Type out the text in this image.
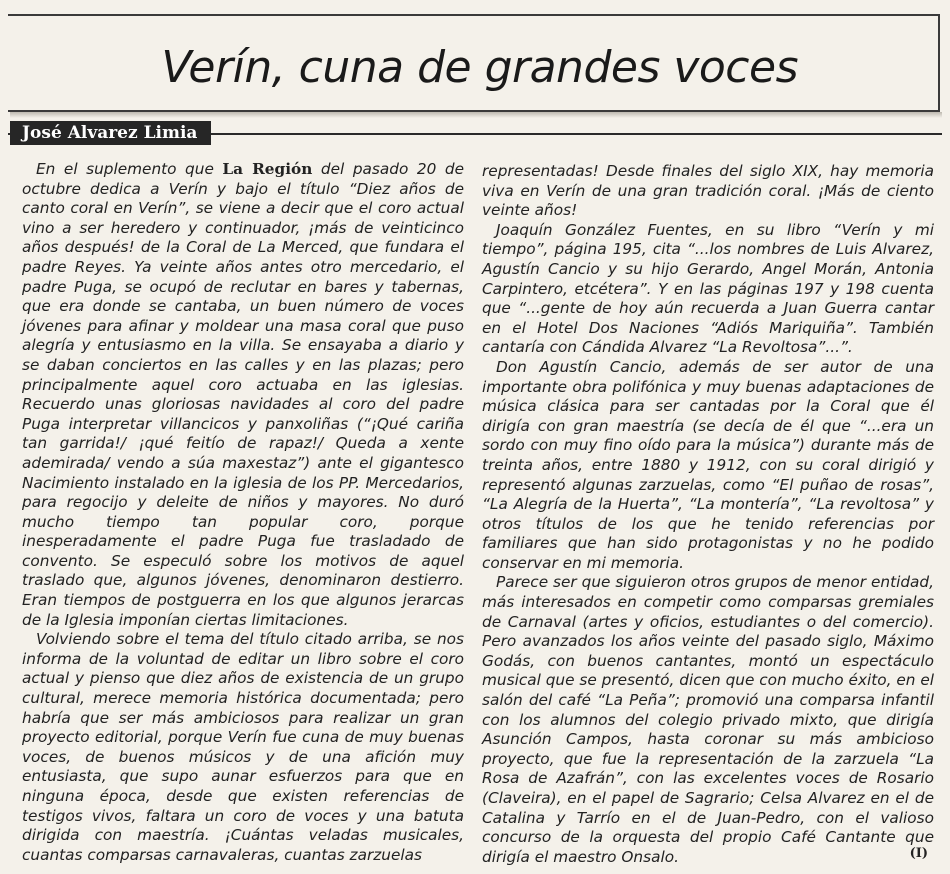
Verín, cuna de grandes voces
José Alvarez Limia

En el suplemento que La Región del pasado 20 de octubre dedica a Verín y bajo el título “Diez años de canto coral en Verín”, se viene a decir que el coro actual vino a ser heredero y continuador, ¡más de veinticinco años después! de la Coral de La Merced, que fundara el padre Reyes. Ya veinte años antes otro mercedario, el padre Puga, se ocupó de reclutar en bares y tabernas, que era donde se cantaba, un buen número de voces jóvenes para afinar y moldear una masa coral que puso alegría y entusiasmo en la villa. Se ensayaba a diario y se daban conciertos en las calles y en las plazas; pero principalmente aquel coro actuaba en las iglesias. Recuerdo unas gloriosas navidades al coro del padre Puga interpretar villancicos y panxoliñas (“¡Qué cariña tan garrida!/ ¡qué feitío de rapaz!/ Queda a xente ademirada/ vendo a súa maxestaz”) ante el gigantesco Nacimiento instalado en la iglesia de los PP. Mercedarios, para regocijo y deleite de niños y mayores. No duró mucho tiempo tan popular coro, porque inesperadamente el padre Puga fue trasladado de convento. Se especuló sobre los motivos de aquel traslado que, algunos jóvenes, denominaron destierro. Eran tiempos de postguerra en los que algunos jerarcas de la Iglesia imponían ciertas limitaciones.

Volviendo sobre el tema del título citado arriba, se nos informa de la voluntad de editar un libro sobre el coro actual y pienso que diez años de existencia de un grupo cultural, merece memoria histórica documentada; pero habría que ser más ambiciosos para realizar un gran proyecto editorial, porque Verín fue cuna de muy buenas voces, de buenos músicos y de una afición muy entusiasta, que supo aunar esfuerzos para que en ninguna época, desde que existen referencias de testigos vivos, faltara un coro de voces y una batuta dirigida con maestría. ¡Cuántas veladas musicales, cuantas comparsas carnavaleras, cuantas zarzuelas

representadas! Desde finales del siglo XIX, hay memoria viva en Verín de una gran tradición coral. ¡Más de ciento veinte años!

Joaquín González Fuentes, en su libro “Verín y mi tiempo”, página 195, cita “...los nombres de Luis Alvarez, Agustín Cancio y su hijo Gerardo, Angel Morán, Antonia Carpintero, etcétera”. Y en las páginas 197 y 198 cuenta que “...gente de hoy aún recuerda a Juan Guerra cantar en el Hotel Dos Naciones “Adiós Mariquiña”. También cantaría con Cándida Alvarez “La Revoltosa”...”.

Don Agustín Cancio, además de ser autor de una importante obra polifónica y muy buenas adaptaciones de música clásica para ser cantadas por la Coral que él dirigía con gran maestría (se decía de él que “...era un sordo con muy fino oído para la música”) durante más de treinta años, entre 1880 y 1912, con su coral dirigió y representó algunas zarzuelas, como “El puñao de rosas”, “La Alegría de la Huerta”, “La montería”, “La revoltosa” y otros títulos de los que he tenido referencias por familiares que han sido protagonistas y no he podido conservar en mi memoria.

Parece ser que siguieron otros grupos de menor entidad, más interesados en competir como comparsas gremiales de Carnaval (artes y oficios, estudiantes o del comercio). Pero avanzados los años veinte del pasado siglo, Máximo Godás, con buenos cantantes, montó un espectáculo musical que se presentó, dicen que con mucho éxito, en el salón del café “La Peña”; promovió una comparsa infantil con los alumnos del colegio privado mixto, que dirigía Asunción Campos, hasta coronar su más ambicioso proyecto, que fue la representación de la zarzuela “La Rosa de Azafrán”, con las excelentes voces de Rosario (Claveira), en el papel de Sagrario; Celsa Alvarez en el de Catalina y Tarrío en el de Juan-Pedro, con el valioso concurso de la orquesta del propio Café Cantante que dirigía el maestro Onsalo.	(I)
